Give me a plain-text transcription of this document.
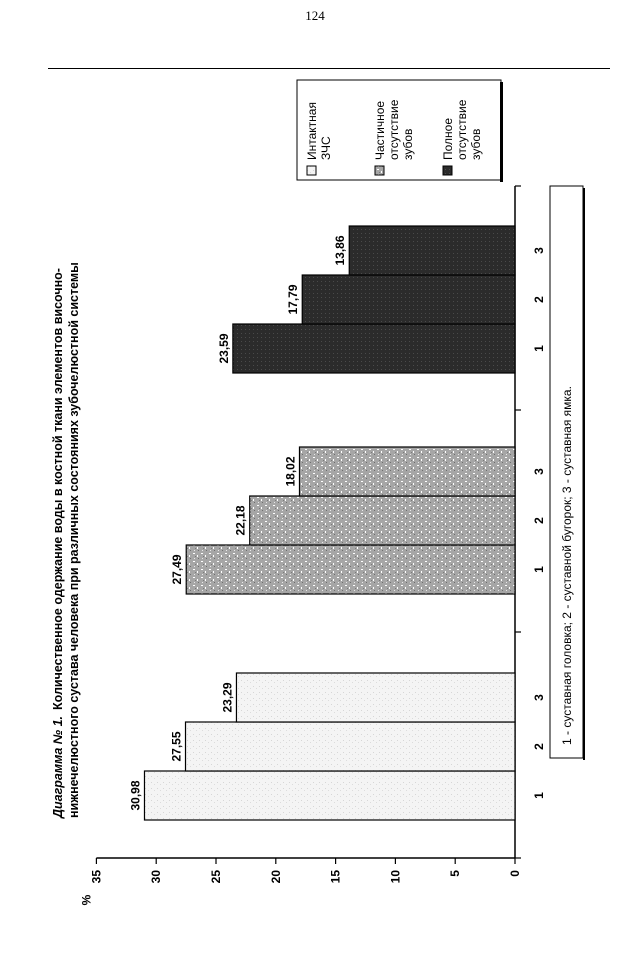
124
Диаграмма № 1.Количественное одержание воды в костной ткани элементов височно- нижнечелюстного сустава человека при различных состояниях зубочелюстной системы
0
5
10
15
20
25
30
35
%
30,98
27,55
23,29
27,49
22,18
18,02
23,59
17,79
13,86
1
2
3
1
2
3
1
2
3
Интактная ЗЧС	Частичное отсутствие зубов Полное отсутствие зубов
1 - суставная головка; 2 - суставной бугорок; 3 - суставная ямка.
